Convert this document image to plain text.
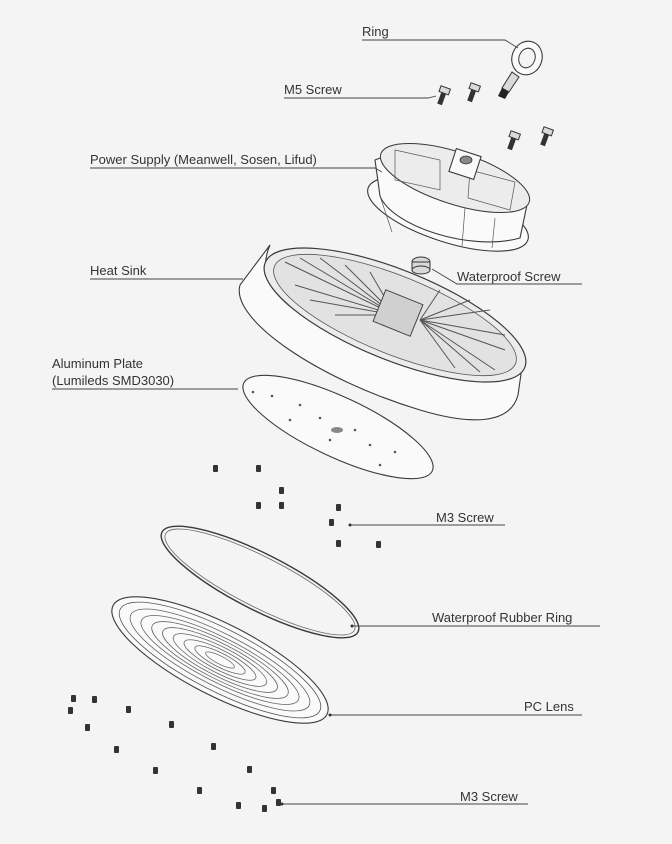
Ring
M5 Screw
Power Supply (Meanwell, Sosen, Lifud)
Heat Sink	Waterproof Screw
Aluminum Plate
(Lumileds SMD3030)
M3 Screw
Waterproof Rubber Ring
PC Lens
M3 Screw
